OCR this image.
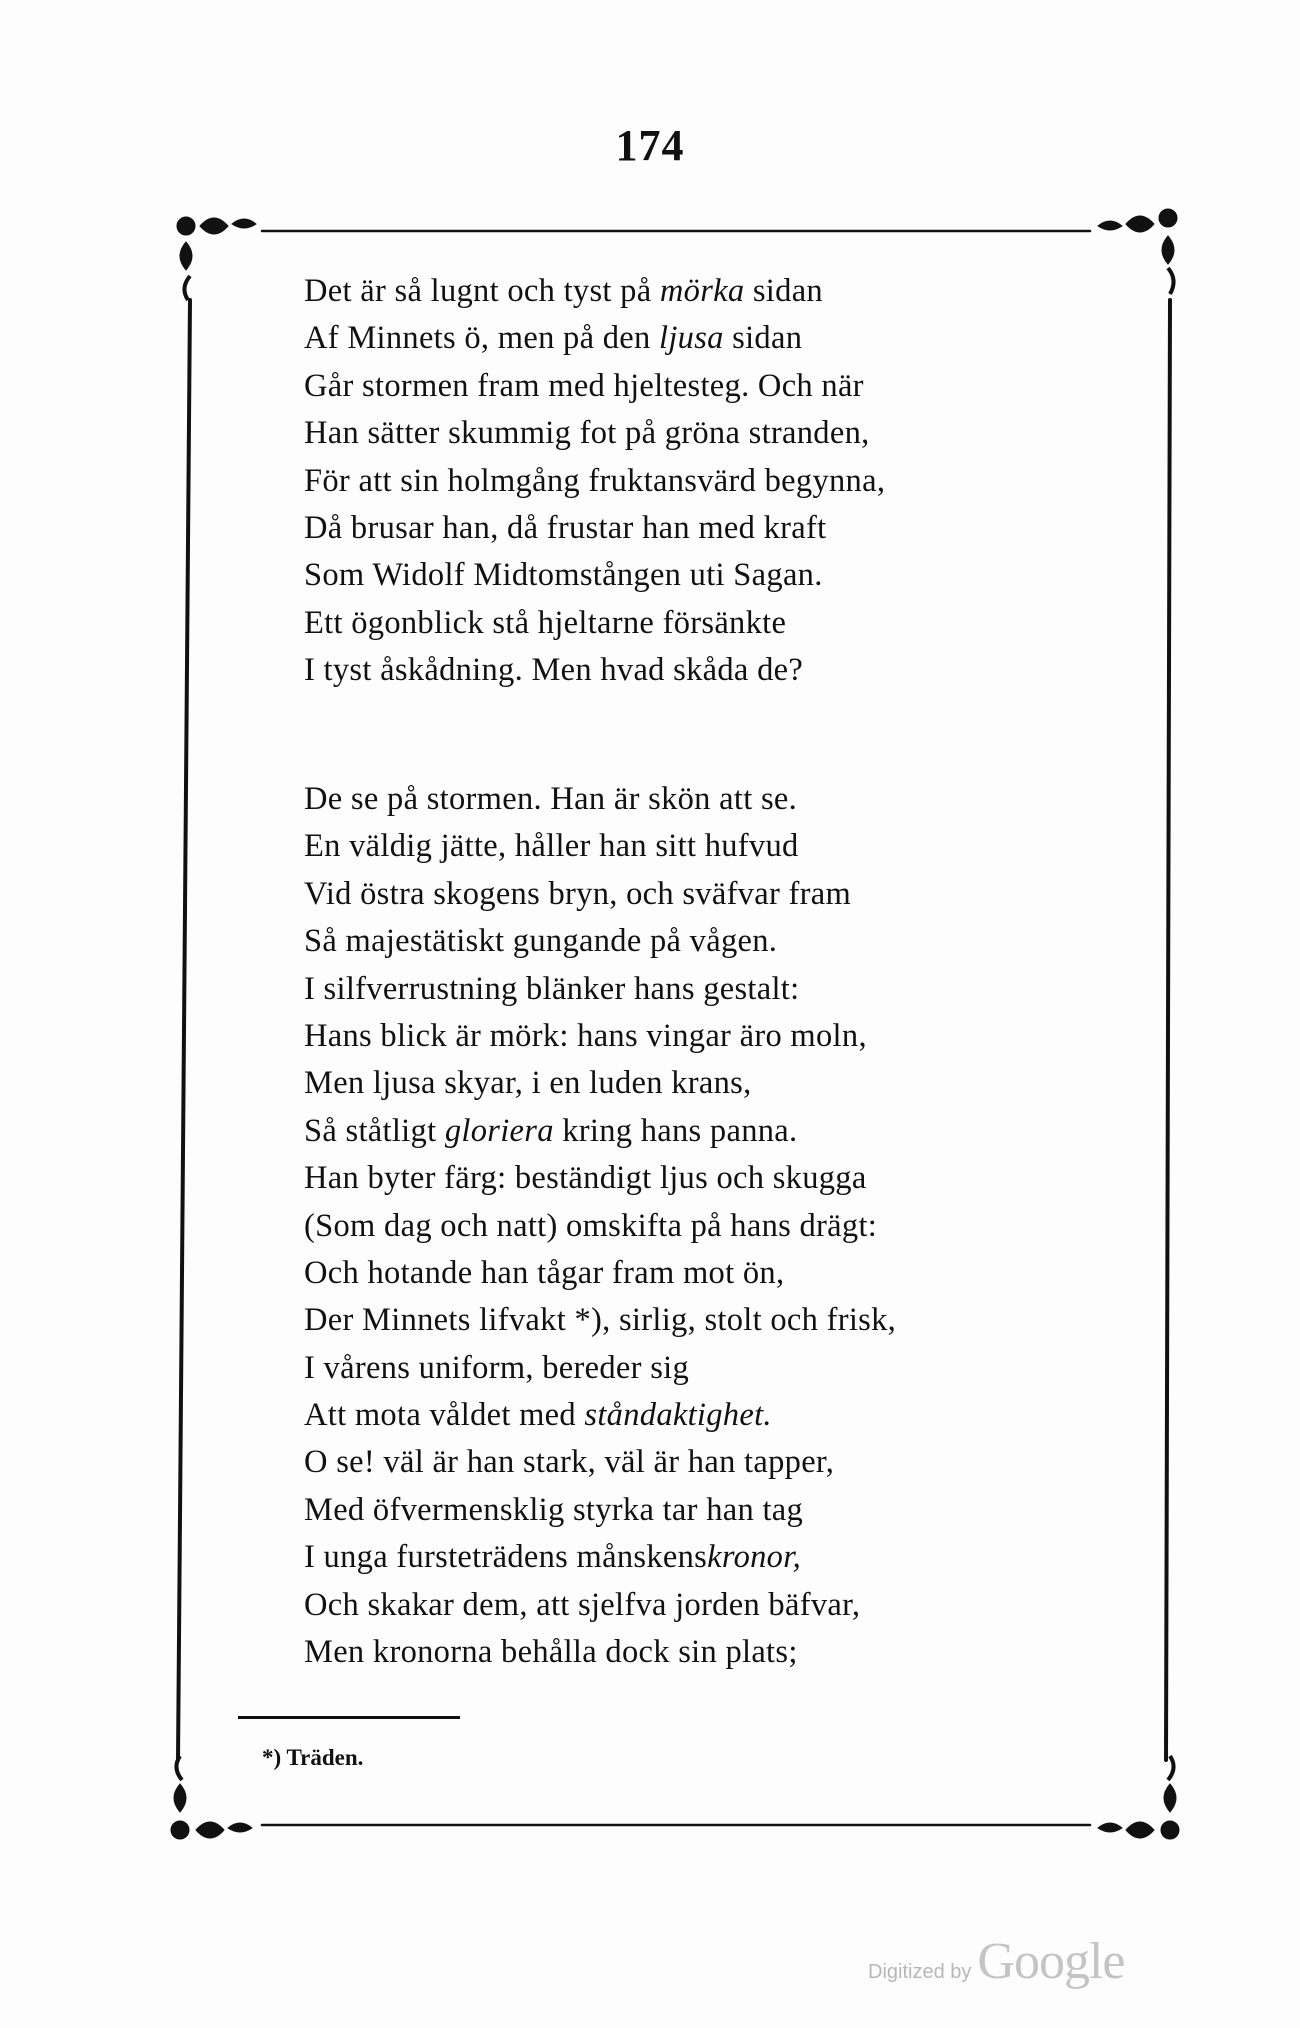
174
Det är så lugnt och tyst på mörka sidan
Af Minnets ö, men på den ljusa sidan
Går stormen fram med hjeltesteg. Och när
Han sätter skummig fot på gröna stranden,
För att sin holmgång fruktansvärd begynna,
Då brusar han, då frustar han med kraft
Som Widolf Midtomstången uti Sagan.
Ett ögonblick stå hjeltarne försänkte
I tyst åskådning. Men hvad skåda de?
De se på stormen. Han är skön att se.
En väldig jätte, håller han sitt hufvud
Vid östra skogens bryn, och sväfvar fram
Så majestätiskt gungande på vågen.
I silfverrustning blänker hans gestalt:
Hans blick är mörk: hans vingar äro moln,
Men ljusa skyar, i en luden krans,
Så ståtligt gloriera kring hans panna.
Han byter färg: beständigt ljus och skugga
(Som dag och natt) omskifta på hans drägt:
Och hotande han tågar fram mot ön,
Der Minnets lifvakt *), sirlig, stolt och frisk,
I vårens uniform, bereder sig
Att mota våldet med ståndaktighet.
O se! väl är han stark, väl är han tapper,
Med öfvermensklig styrka tar han tag
I unga fursteträdens månskenskronor,
Och skakar dem, att sjelfva jorden bäfvar,
Men kronorna behålla dock sin plats;
*) Träden.
Digitized by Google
